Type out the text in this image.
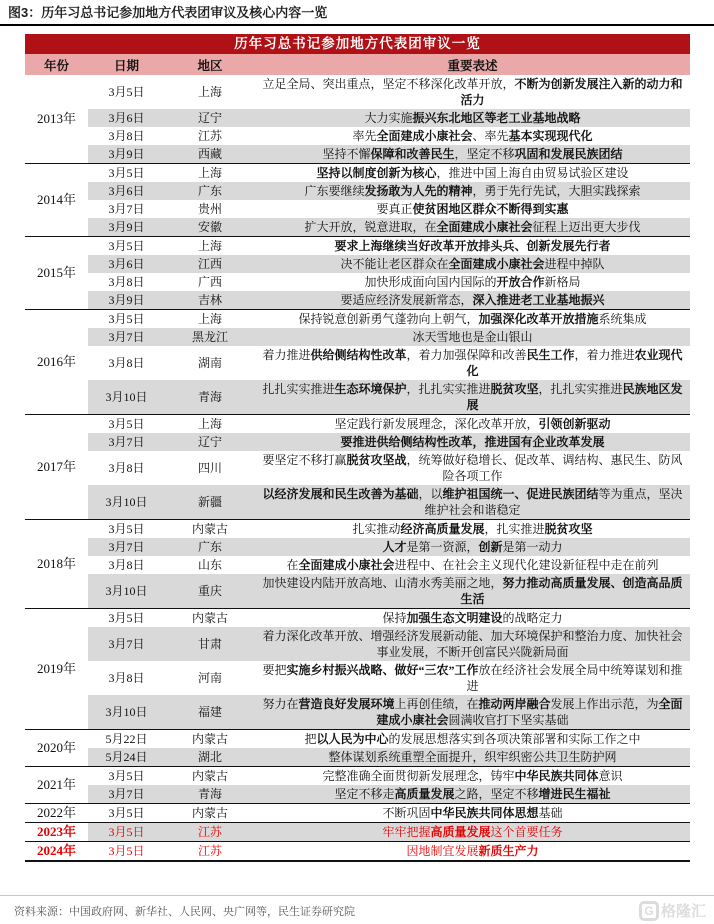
图3：历年习总书记参加地方代表团审议及核心内容一览
历年习总书记参加地方代表团审议一览
年份	日期	地区	重要表述
2013年	3月5日	上海	立足全局、突出重点，坚定不移深化改革开放，不断为创新发展注入新的动力和活力
	3月6日	辽宁	大力实施振兴东北地区等老工业基地战略
	3月8日	江苏	率先全面建成小康社会、率先基本实现现代化
	3月9日	西藏	坚持不懈保障和改善民生，坚定不移巩固和发展民族团结
2014年	3月5日	上海	坚持以制度创新为核心，推进中国上海自由贸易试验区建设
	3月6日	广东	广东要继续发扬敢为人先的精神，勇于先行先试，大胆实践探索
	3月7日	贵州	要真正使贫困地区群众不断得到实惠
	3月9日	安徽	扩大开放，锐意进取，在全面建成小康社会征程上迈出更大步伐
2015年	3月5日	上海	要求上海继续当好改革开放排头兵、创新发展先行者
	3月6日	江西	决不能让老区群众在全面建成小康社会进程中掉队
	3月8日	广西	加快形成面向国内国际的开放合作新格局
	3月9日	吉林	要适应经济发展新常态，深入推进老工业基地振兴
2016年	3月5日	上海	保持锐意创新勇气蓬勃向上朝气，加强深化改革开放措施系统集成
	3月7日	黑龙江	冰天雪地也是金山银山
	3月8日	湖南	着力推进供给侧结构性改革，着力加强保障和改善民生工作，着力推进农业现代化
	3月10日	青海	扎扎实实推进生态环境保护，扎扎实实推进脱贫攻坚，扎扎实实推进民族地区发展
2017年	3月5日	上海	坚定践行新发展理念，深化改革开放，引领创新驱动
	3月7日	辽宁	要推进供给侧结构性改革，推进国有企业改革发展
	3月8日	四川	要坚定不移打赢脱贫攻坚战，统筹做好稳增长、促改革、调结构、惠民生、防风险各项工作
	3月10日	新疆	以经济发展和民生改善为基础，以维护祖国统一、促进民族团结等为重点，坚决维护社会和谐稳定
2018年	3月5日	内蒙古	扎实推动经济高质量发展，扎实推进脱贫攻坚
	3月7日	广东	人才是第一资源，创新是第一动力
	3月8日	山东	在全面建成小康社会进程中、在社会主义现代化建设新征程中走在前列
	3月10日	重庆	加快建设内陆开放高地、山清水秀美丽之地，努力推动高质量发展、创造高品质生活
2019年	3月5日	内蒙古	保持加强生态文明建设的战略定力
	3月7日	甘肃	着力深化改革开放、增强经济发展新动能、加大环境保护和整治力度、加快社会事业发展，不断开创富民兴陇新局面
	3月8日	河南	要把实施乡村振兴战略、做好“三农”工作放在经济社会发展全局中统筹谋划和推进
	3月10日	福建	努力在营造良好发展环境上再创佳绩，在推动两岸融合发展上作出示范，为全面建成小康社会圆满收官打下坚实基础
2020年	5月22日	内蒙古	把以人民为中心的发展思想落实到各项决策部署和实际工作之中
	5月24日	湖北	整体谋划系统重塑全面提升，织牢织密公共卫生防护网
2021年	3月5日	内蒙古	完整准确全面贯彻新发展理念，铸牢中华民族共同体意识
	3月7日	青海	坚定不移走高质量发展之路，坚定不移增进民生福祉
2022年	3月5日	内蒙古	不断巩固中华民族共同体思想基础
2023年	3月5日	江苏	牢牢把握高质量发展这个首要任务
2024年	3月5日	江苏	因地制宜发展新质生产力
资料来源：中国政府网、新华社、人民网、央广网等，民生证券研究院	G 格隆汇
